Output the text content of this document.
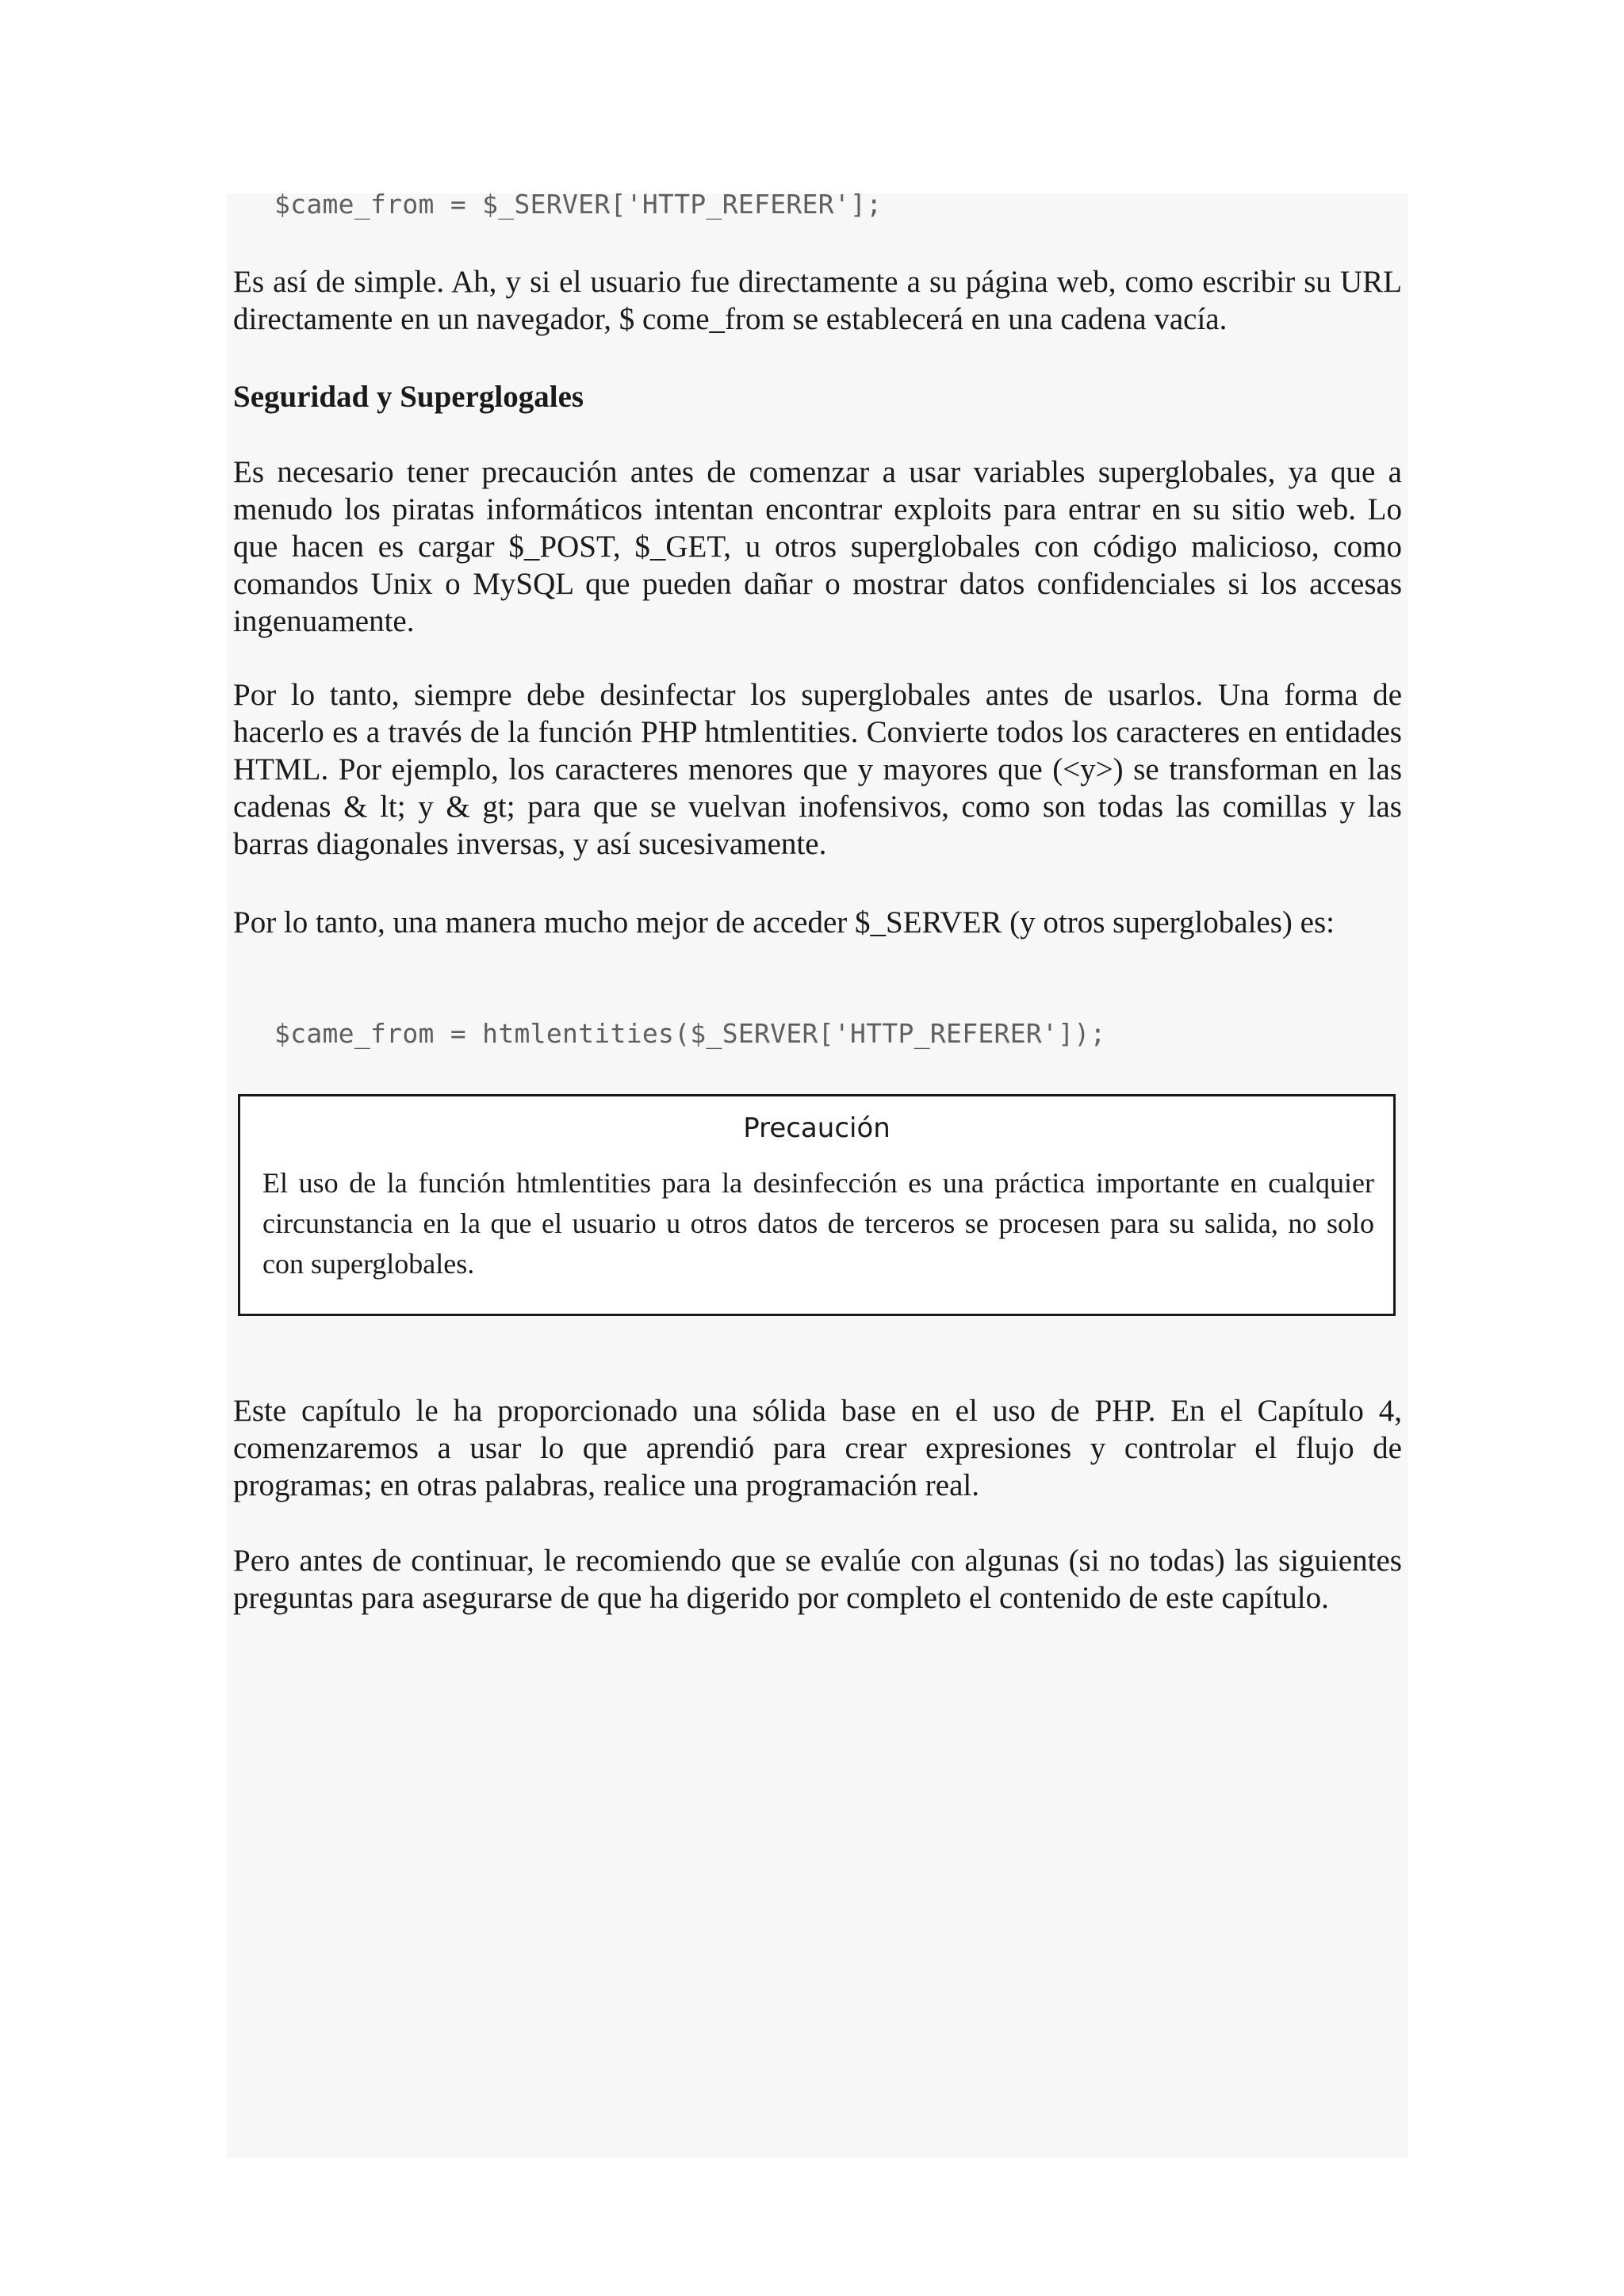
$came_from = $_SERVER['HTTP_REFERER'];

Es así de simple. Ah, y si el usuario fue directamente a su página web, como escribir su URL directamente en un navegador, $ come_from se establecerá en una cadena vacía.

Seguridad y Superglogales

Es necesario tener precaución antes de comenzar a usar variables superglobales, ya que a menudo los piratas informáticos intentan encontrar exploits para entrar en su sitio web. Lo que hacen es cargar $_POST, $_GET, u otros superglobales con código malicioso, como comandos Unix o MySQL que pueden dañar o mostrar datos confidenciales si los accesas ingenuamente.

Por lo tanto, siempre debe desinfectar los superglobales antes de usarlos. Una forma de hacerlo es a través de la función PHP htmlentities. Convierte todos los caracteres en entidades HTML. Por ejemplo, los caracteres menores que y mayores que (<y>) se transforman en las cadenas & lt; y & gt; para que se vuelvan inofensivos, como son todas las comillas y las barras diagonales inversas, y así sucesivamente.

Por lo tanto, una manera mucho mejor de acceder $_SERVER (y otros superglobales) es:

$came_from = htmlentities($_SERVER['HTTP_REFERER']);
Precaución

El uso de la función htmlentities para la desinfección es una práctica importante en cualquier circunstancia en la que el usuario u otros datos de terceros se procesen para su salida, no solo con superglobales.

Este capítulo le ha proporcionado una sólida base en el uso de PHP. En el Capítulo 4, comenzaremos a usar lo que aprendió para crear expresiones y controlar el flujo de programas; en otras palabras, realice una programación real.

Pero antes de continuar, le recomiendo que se evalúe con algunas (si no todas) las siguientes preguntas para asegurarse de que ha digerido por completo el contenido de este capítulo.
